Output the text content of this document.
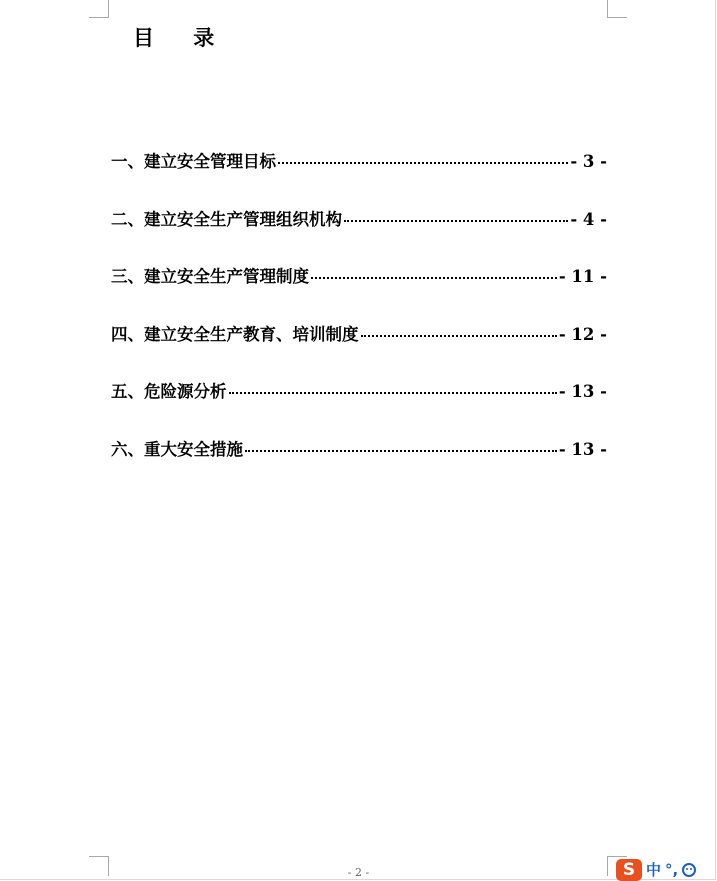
目 录
一、建立安全管理目标	- 3 -
二、建立安全生产管理组织机构	- 4 -
三、建立安全生产管理制度	- 11 -
四、建立安全生产教育、培训制度	- 12 -
五、危险源分析	- 13 -
六、重大安全措施	- 13 -
- 2 -	S 中 °,
